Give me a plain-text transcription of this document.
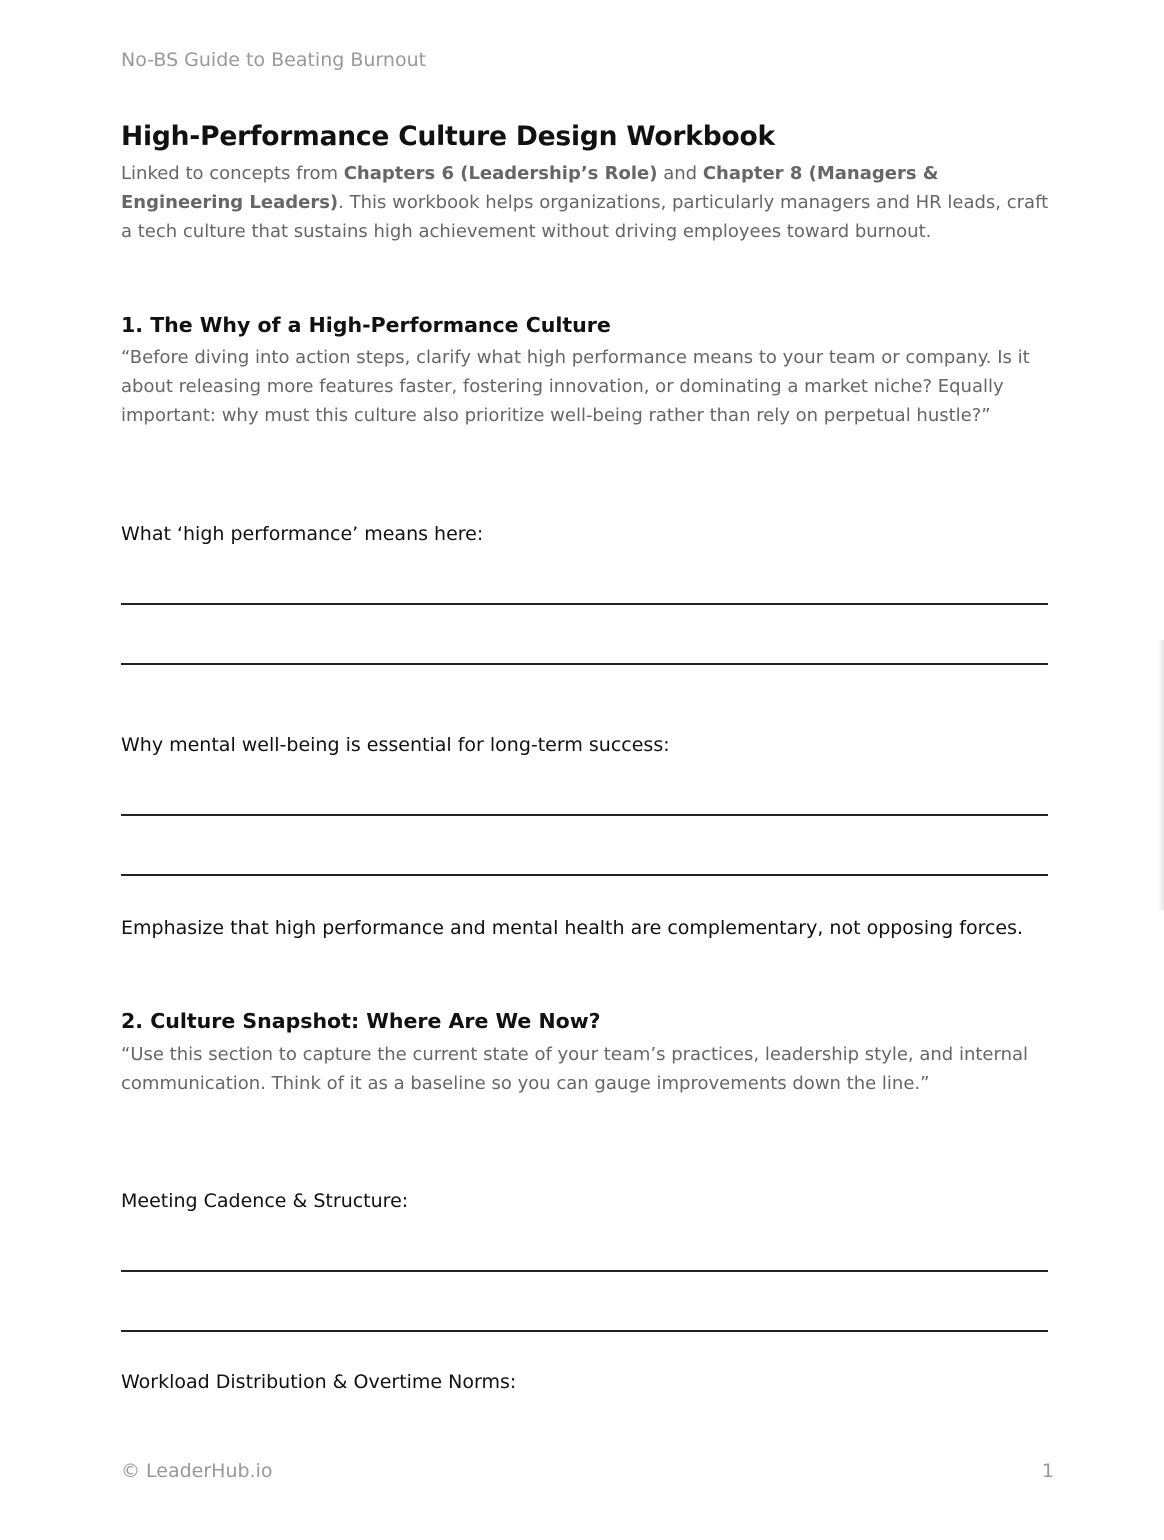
No-BS Guide to Beating Burnout
High-Performance Culture Design Workbook

Linked to concepts from Chapters 6 (Leadership’s Role) and Chapter 8 (Managers & Engineering Leaders). This workbook helps organizations, particularly managers and HR leads, craft a tech culture that sustains high achievement without driving employees toward burnout.

1. The Why of a High-Performance Culture

“Before diving into action steps, clarify what high performance means to your team or company. Is it about releasing more features faster, fostering innovation, or dominating a market niche? Equally important: why must this culture also prioritize well-being rather than rely on perpetual hustle?”

What ‘high performance’ means here:

Why mental well-being is essential for long-term success:

Emphasize that high performance and mental health are complementary, not opposing forces.

2. Culture Snapshot: Where Are We Now?

“Use this section to capture the current state of your team’s practices, leadership style, and internal communication. Think of it as a baseline so you can gauge improvements down the line.”

Meeting Cadence & Structure:

Workload Distribution & Overtime Norms:

© LeaderHub.io	1
